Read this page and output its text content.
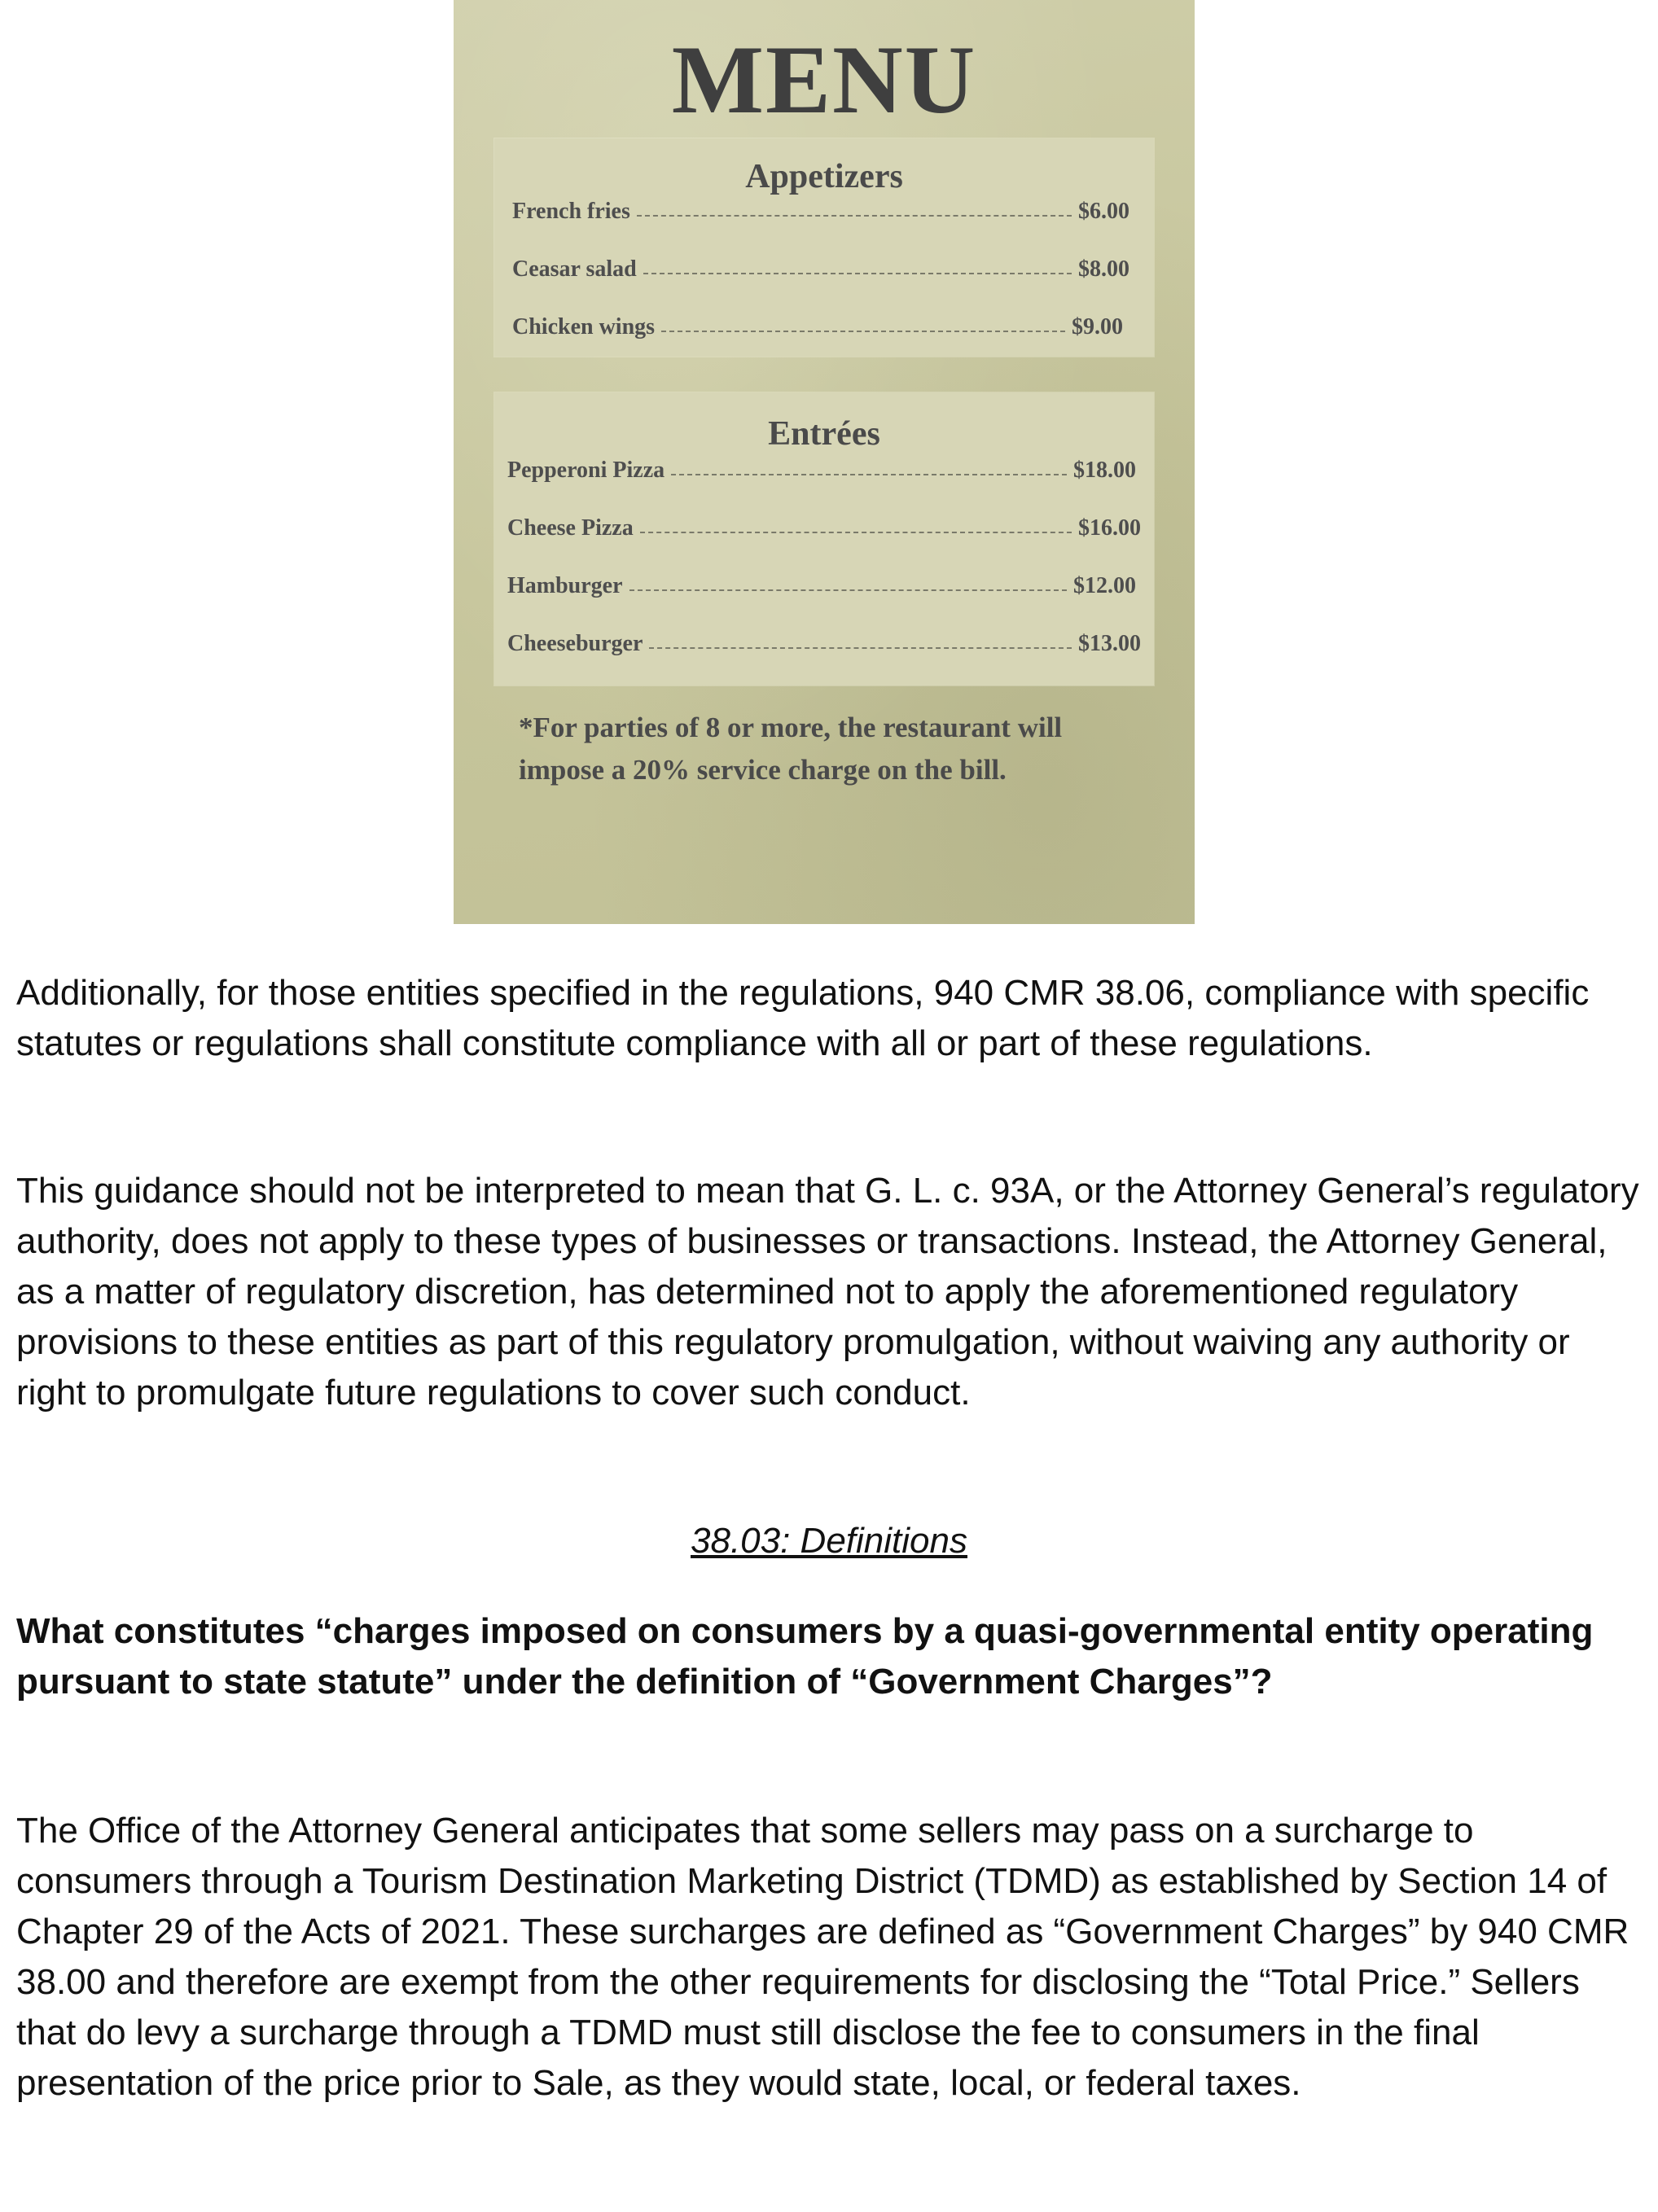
MENU
Appetizers
French fries	$6.00
Ceasar salad	$8.00
Chicken wings	$9.00
Entrées
Pepperoni Pizza	$18.00
Cheese Pizza	$16.00
Hamburger	$12.00
Cheeseburger	$13.00
*For parties of 8 or more, the restaurant will impose a 20% service charge on the bill.
Additionally, for those entities specified in the regulations, 940 CMR 38.06, compliance with specific statutes or regulations shall constitute compliance with all or part of these regulations.
This guidance should not be interpreted to mean that G. L. c. 93A, or the Attorney General’s regulatory authority, does not apply to these types of businesses or transactions. Instead, the Attorney General, as a matter of regulatory discretion, has determined not to apply the aforementioned regulatory provisions to these entities as part of this regulatory promulgation, without waiving any authority or right to promulgate future regulations to cover such conduct.
38.03: Definitions
What constitutes “charges imposed on consumers by a quasi-governmental entity operating pursuant to state statute” under the definition of “Government Charges”?
The Office of the Attorney General anticipates that some sellers may pass on a surcharge to consumers through a Tourism Destination Marketing District (TDMD) as established by Section 14 of Chapter 29 of the Acts of 2021. These surcharges are defined as “Government Charges” by 940 CMR 38.00 and therefore are exempt from the other requirements for disclosing the “Total Price.” Sellers that do levy a surcharge through a TDMD must still disclose the fee to consumers in the final presentation of the price prior to Sale, as they would state, local, or federal taxes.
